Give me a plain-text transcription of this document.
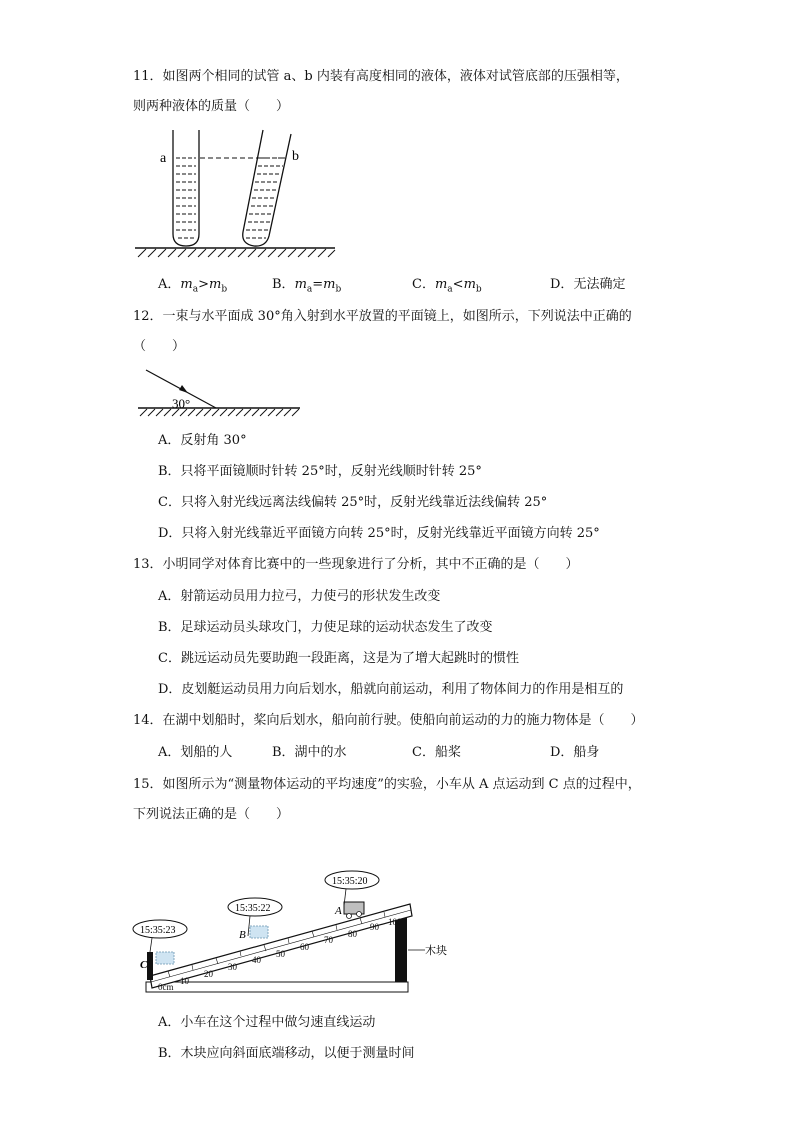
11．如图两个相同的试管 a、b 内装有高度相同的液体，液体对试管底部的压强相等，
则两种液体的质量（　　）
a	b
A．$m_a>m_b$	B．$m_a=m_b$	C．$m_a<m_b$	D．无法确定
12．一束与水平面成 30°角入射到水平放置的平面镜上，如图所示，下列说法中正确的
（　　）
30°
A．反射角 30°
B．只将平面镜顺时针转 25°时，反射光线顺时针转 25°
C．只将入射光线远离法线偏转 25°时，反射光线靠近法线偏转 25°
D．只将入射光线靠近平面镜方向转 25°时，反射光线靠近平面镜方向转 25°
13．小明同学对体育比赛中的一些现象进行了分析，其中不正确的是（　　）
A．射箭运动员用力拉弓，力使弓的形状发生改变
B．足球运动员头球攻门，力使足球的运动状态发生了改变
C．跳远运动员先要助跑一段距离，这是为了增大起跳时的惯性
D．皮划艇运动员用力向后划水，船就向前运动，利用了物体间力的作用是相互的
14．在湖中划船时，桨向后划水，船向前行驶。使船向前运动的力的施力物体是（　　）
A．划船的人	B．湖中的水	C．船桨	D．船身
15．如图所示为“测量物体运动的平均速度”的实验，小车从 A 点运动到 C 点的过程中，
下列说法正确的是（　　）
木块
0cm
10
20
30
40
50
60
70
80
90 100
C
B
A
15:35:23
15:35:22
15:35:20
A．小车在这个过程中做匀速直线运动
B．木块应向斜面底端移动，以便于测量时间
